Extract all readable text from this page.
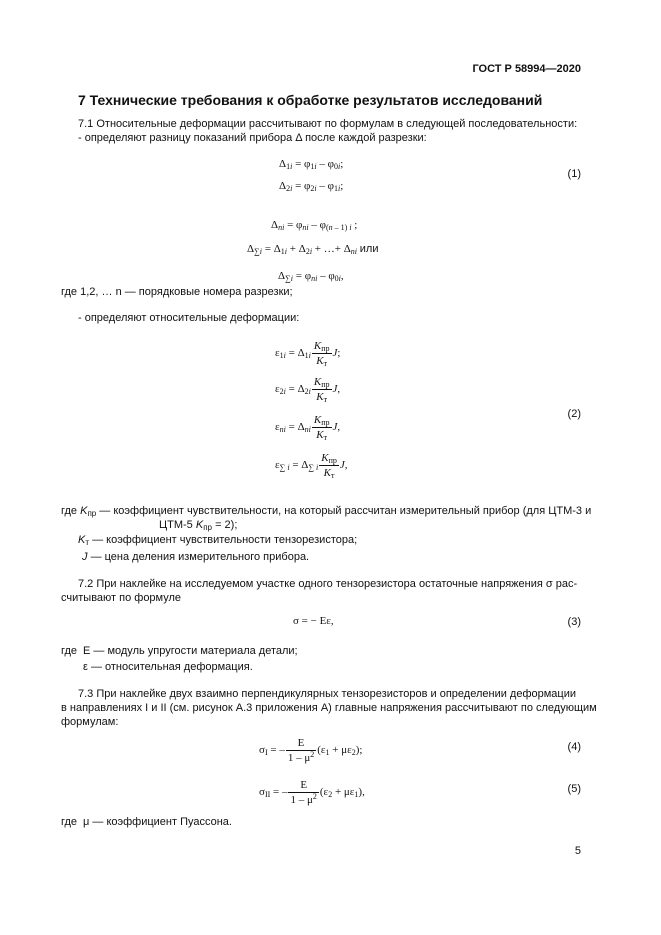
ГОСТ Р 58994—2020
7 Технические требования к обработке результатов исследований
7.1 Относительные деформации рассчитывают по формулам в следующей последовательности:
- определяют разницу показаний прибора Δ после каждой разрезки:
$\Delta_{1i} = \varphi_{1i} - \varphi_{0i}$;
$\Delta_{2i} = \varphi_{2i} - \varphi_{1i}$;
(1)
$\Delta_{ni} = \varphi_{ni} - \varphi_{(n - 1) i}$ ;
$\Delta_{\sum i} = \Delta_{1i} + \Delta_{2i}$ + …+ $\Delta_{ni}$ или
$\Delta_{\sum i} = \varphi_{ni} - \varphi_{0i}$,
где 1,2, … n — порядковые номера разрезки;
- определяют относительные деформации:
$\varepsilon_{1i} = \Delta_{1i} \frac{K_{пр}}{K_т} J$;
$\varepsilon_{2i} = \Delta_{2i} \frac{K_{пр}}{K_т} J$,
$\varepsilon_{ni} = \Delta_{ni} \frac{K_{пр}}{K_т} J$,
$\varepsilon_{\sum i} = \Delta_{\sum i} \frac{K_{пр}}{K_т} J$,
(2)
где $K_{пр}$ — коэффициент чувствительности, на который рассчитан измерительный прибор (для ЦТМ-3 и
ЦТМ-5 $K_{пр} = 2$);
$K_т$ — коэффициент чувствительности тензорезистора;
J — цена деления измерительного прибора.
7.2 При наклейке на исследуемом участке одного тензорезистора остаточные напряжения σ рас-
считывают по формуле
σ = − Eε,	(3)
где E — модуль упругости материала детали;
ε — относительная деформация.
7.3 При наклейке двух взаимно перпендикулярных тензорезисторов и определении деформации
в направлениях I и II (см. рисунок А.3 приложения А) главные напряжения рассчитывают по следующим
формулам:
$\sigma_I$ = – $\frac{E}{1 - \mu^2} (\varepsilon_1 + \mu\varepsilon_2)$;	(4)
$\sigma_{II}$ = – $\frac{E}{1 - \mu^2} (\varepsilon_2 + \mu\varepsilon_1)$,	(5)
где μ — коэффициент Пуассона.
5
